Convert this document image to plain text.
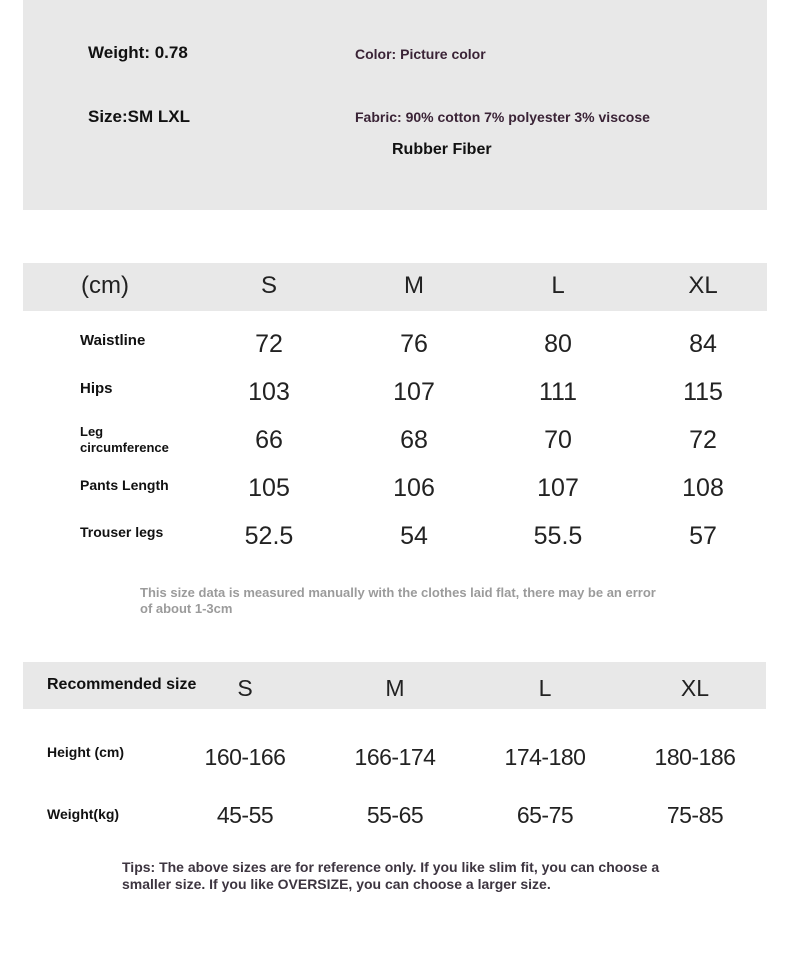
Weight: 0.78
Size:SM LXL
Color: Picture color
Fabric: 90% cotton 7% polyester 3% viscose
Rubber Fiber
(cm)	S	M	L	XL
Waistline	72	76	80	84
Hips	103	107	111	115
Leg
circumference	66	68	70	72
Pants Length	105	106	107	108
Trouser legs	52.5	54	55.5	57
This size data is measured manually with the clothes laid flat, there may be an error of about 1-3cm
Recommended size	S	M	L	XL
Height (cm)	160-166	166-174	174-180	180-186
Weight(kg)	45-55	55-65	65-75	75-85
Tips: The above sizes are for reference only. If you like slim fit, you can choose a smaller size. If you like OVERSIZE, you can choose a larger size.
